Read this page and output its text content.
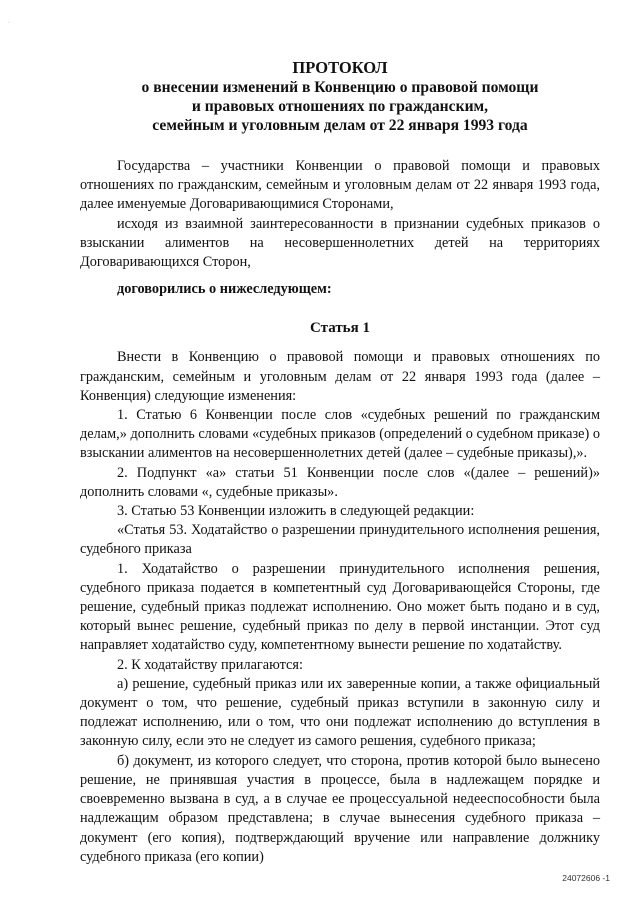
·
ПРОТОКОЛ
о внесении изменений в Конвенцию о правовой помощи
и правовых отношениях по гражданским,
семейным и уголовным делам от 22 января 1993 года

Государства – участники Конвенции о правовой помощи и правовых отношениях по гражданским, семейным и уголовным делам от 22 января 1993 года, далее именуемые Договаривающимися Сторонами,

исходя из взаимной заинтересованности в признании судебных приказов о взыскании алиментов на несовершеннолетних детей на территориях Договаривающихся Сторон,

договорились о нижеследующем:

Статья 1

Внести в Конвенцию о правовой помощи и правовых отношениях по гражданским, семейным и уголовным делам от 22 января 1993 года (далее – Конвенция) следующие изменения:

1. Статью 6 Конвенции после слов «судебных решений по гражданским делам,» дополнить словами «судебных приказов (определений о судебном приказе) о взыскании алиментов на несовершеннолетних детей (далее – судебные приказы),».

2. Подпункт «а» статьи 51 Конвенции после слов «(далее – решений)» дополнить словами «, судебные приказы».

3. Статью 53 Конвенции изложить в следующей редакции:

«Статья 53. Ходатайство о разрешении принудительного исполнения решения, судебного приказа

1. Ходатайство о разрешении принудительного исполнения решения, судебного приказа подается в компетентный суд Договаривающейся Стороны, где решение, судебный приказ подлежат исполнению. Оно может быть подано и в суд, который вынес решение, судебный приказ по делу в первой инстанции. Этот суд направляет ходатайство суду, компетентному вынести решение по ходатайству.

2. К ходатайству прилагаются:

а) решение, судебный приказ или их заверенные копии, а также официальный документ о том, что решение, судебный приказ вступили в законную силу и подлежат исполнению, или о том, что они подлежат исполнению до вступления в законную силу, если это не следует из самого решения, судебного приказа;

б) документ, из которого следует, что сторона, против которой было вынесено решение, не принявшая участия в процессе, была в надлежащем порядке и своевременно вызвана в суд, а в случае ее процессуальной недееспособности была надлежащим образом представлена; в случае вынесения судебного приказа – документ (его копия), подтверждающий вручение или направление должнику судебного приказа (его копии)

24072606 -1
